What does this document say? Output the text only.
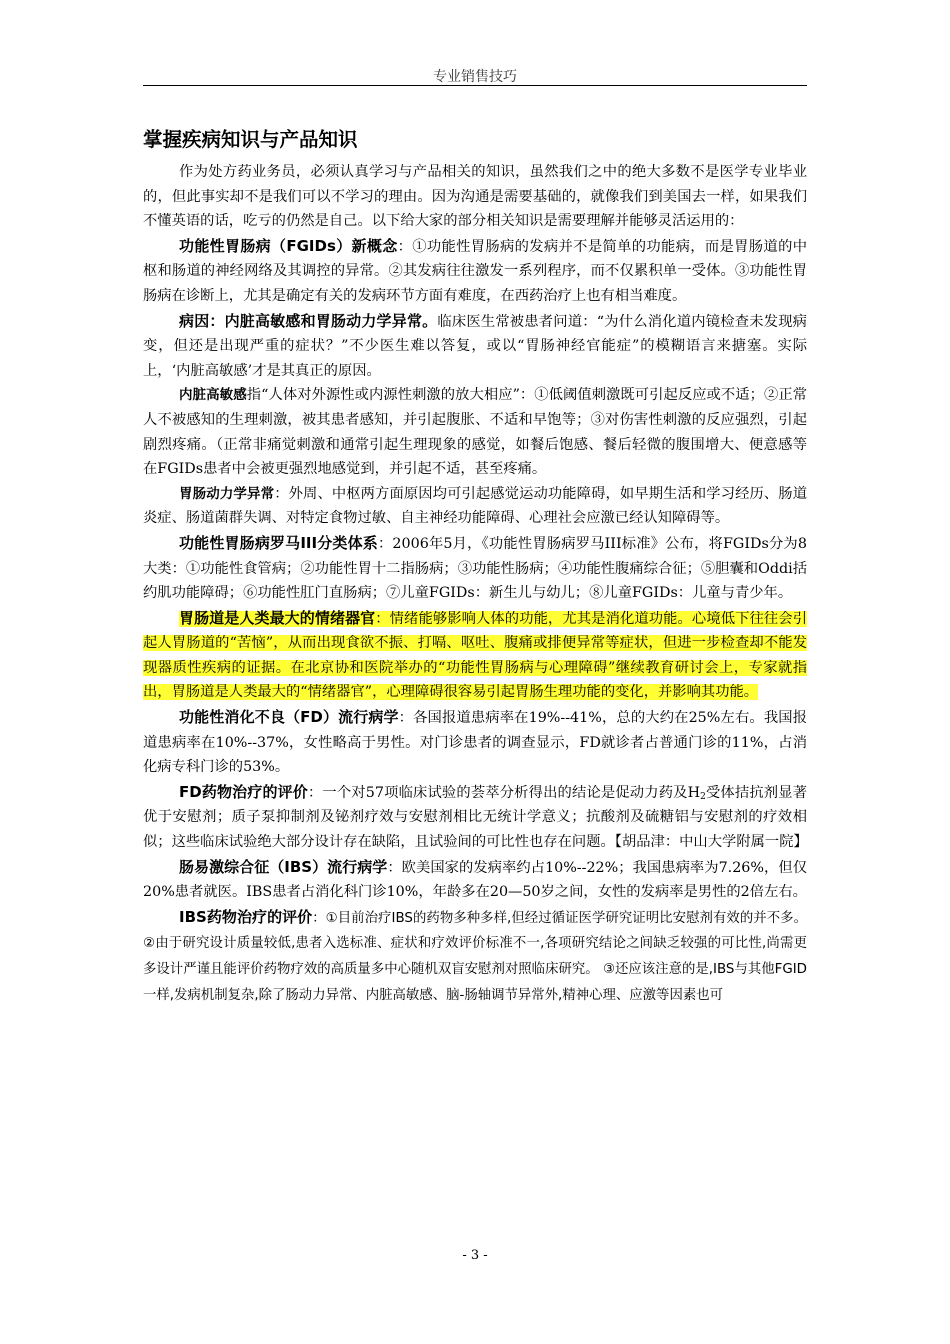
专业销售技巧
掌握疾病知识与产品知识

作为处方药业务员，必须认真学习与产品相关的知识，虽然我们之中的绝大多数不是医学专业毕业的，但此事实却不是我们可以不学习的理由。因为沟通是需要基础的，就像我们到美国去一样，如果我们不懂英语的话，吃亏的仍然是自己。以下给大家的部分相关知识是需要理解并能够灵活运用的：

功能性胃肠病（FGIDs）新概念：①功能性胃肠病的发病并不是简单的功能病，而是胃肠道的中枢和肠道的神经网络及其调控的异常。②其发病往往激发一系列程序，而不仅累积单一受体。③功能性胃肠病在诊断上，尤其是确定有关的发病环节方面有难度，在西药治疗上也有相当难度。

病因：内脏高敏感和胃肠动力学异常。临床医生常被患者问道：“为什么消化道内镜检查未发现病变，但还是出现严重的症状？”不少医生难以答复，或以“胃肠神经官能症”的模糊语言来搪塞。实际上，‘内脏高敏感’才是其真正的原因。

内脏高敏感指“人体对外源性或内源性刺激的放大相应”：①低阈值刺激既可引起反应或不适；②正常人不被感知的生理刺激，被其患者感知，并引起腹胀、不适和早饱等；③对伤害性刺激的反应强烈，引起剧烈疼痛。（正常非痛觉刺激和通常引起生理现象的感觉，如餐后饱感、餐后轻微的腹围增大、便意感等在FGIDs患者中会被更强烈地感觉到，并引起不适，甚至疼痛。

胃肠动力学异常：外周、中枢两方面原因均可引起感觉运动功能障碍，如早期生活和学习经历、肠道炎症、肠道菌群失调、对特定食物过敏、自主神经功能障碍、心理社会应激已经认知障碍等。

功能性胃肠病罗马III分类体系：2006年5月，《功能性胃肠病罗马III标准》公布，将FGIDs分为8大类：①功能性食管病；②功能性胃十二指肠病；③功能性肠病；④功能性腹痛综合征；⑤胆囊和Oddi括约肌功能障碍；⑥功能性肛门直肠病；⑦儿童FGIDs：新生儿与幼儿；⑧儿童FGIDs：儿童与青少年。

胃肠道是人类最大的情绪器官：情绪能够影响人体的功能，尤其是消化道功能。心境低下往往会引起人胃肠道的“苦恼”，从而出现食欲不振、打嗝、呕吐、腹痛或排便异常等症状，但进一步检查却不能发现器质性疾病的证据。在北京协和医院举办的“功能性胃肠病与心理障碍”继续教育研讨会上，专家就指出，胃肠道是人类最大的“情绪器官”，心理障碍很容易引起胃肠生理功能的变化，并影响其功能。

功能性消化不良（FD）流行病学：各国报道患病率在19%--41%，总的大约在25%左右。我国报道患病率在10%--37%，女性略高于男性。对门诊患者的调查显示，FD就诊者占普通门诊的11%，占消化病专科门诊的53%。

FD药物治疗的评价：一个对57项临床试验的荟萃分析得出的结论是促动力药及$H_2$受体拮抗剂显著优于安慰剂；质子泵抑制剂及铋剂疗效与安慰剂相比无统计学意义；抗酸剂及硫糖铝与安慰剂的疗效相似；这些临床试验绝大部分设计存在缺陷，且试验间的可比性也存在问题。【胡品津：中山大学附属一院】

肠易激综合征（IBS）流行病学：欧美国家的发病率约占10%--22%；我国患病率为7.26%，但仅20%患者就医。IBS患者占消化科门诊10%，年龄多在20—50岁之间，女性的发病率是男性的2倍左右。

IBS药物治疗的评价：①目前治疗IBS的药物多种多样,但经过循证医学研究证明比安慰剂有效的并不多。 ②由于研究设计质量较低,患者入选标准、症状和疗效评价标准不一,各项研究结论之间缺乏较强的可比性,尚需更多设计严谨且能评价药物疗效的高质量多中心随机双盲安慰剂对照临床研究。 ③还应该注意的是,IBS与其他FGID一样,发病机制复杂,除了肠动力异常、内脏高敏感、脑-肠轴调节异常外,精神心理、应激等因素也可

- 3 -
